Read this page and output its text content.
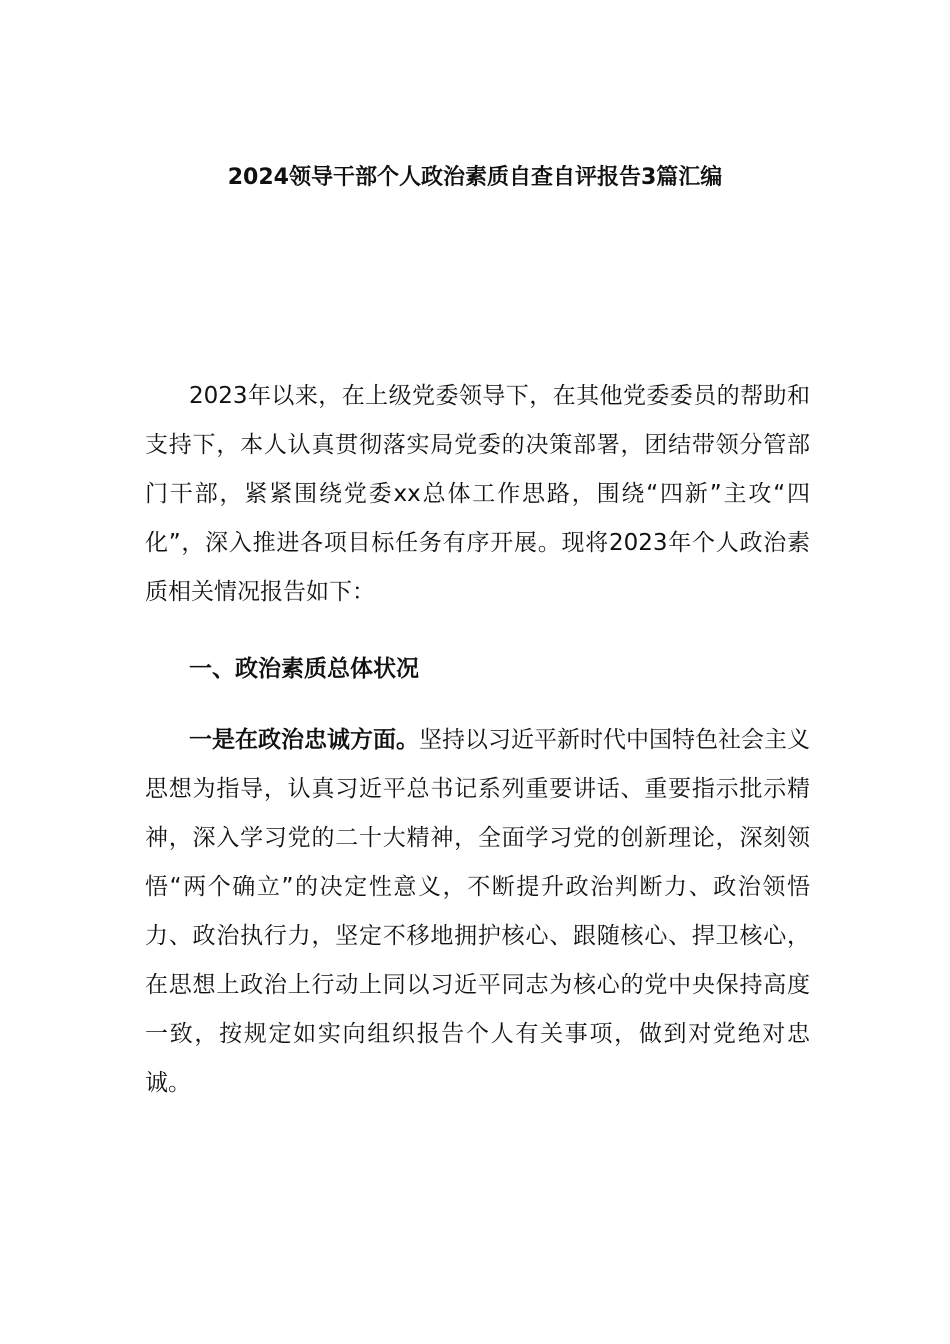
2024领导干部个人政治素质自查自评报告3篇汇编

2023年以来，在上级党委领导下，在其他党委委员的帮助和支持下，本人认真贯彻落实局党委的决策部署，团结带领分管部门干部，紧紧围绕党委xx总体工作思路，围绕“四新”主攻“四化”，深入推进各项目标任务有序开展。现将2023年个人政治素质相关情况报告如下：

一、政治素质总体状况

一是在政治忠诚方面。坚持以习近平新时代中国特色社会主义思想为指导，认真习近平总书记系列重要讲话、重要指示批示精神，深入学习党的二十大精神，全面学习党的创新理论，深刻领悟“两个确立”的决定性意义，不断提升政治判断力、政治领悟力、政治执行力，坚定不移地拥护核心、跟随核心、捍卫核心，在思想上政治上行动上同以习近平同志为核心的党中央保持高度一致，按规定如实向组织报告个人有关事项，做到对党绝对忠诚。
